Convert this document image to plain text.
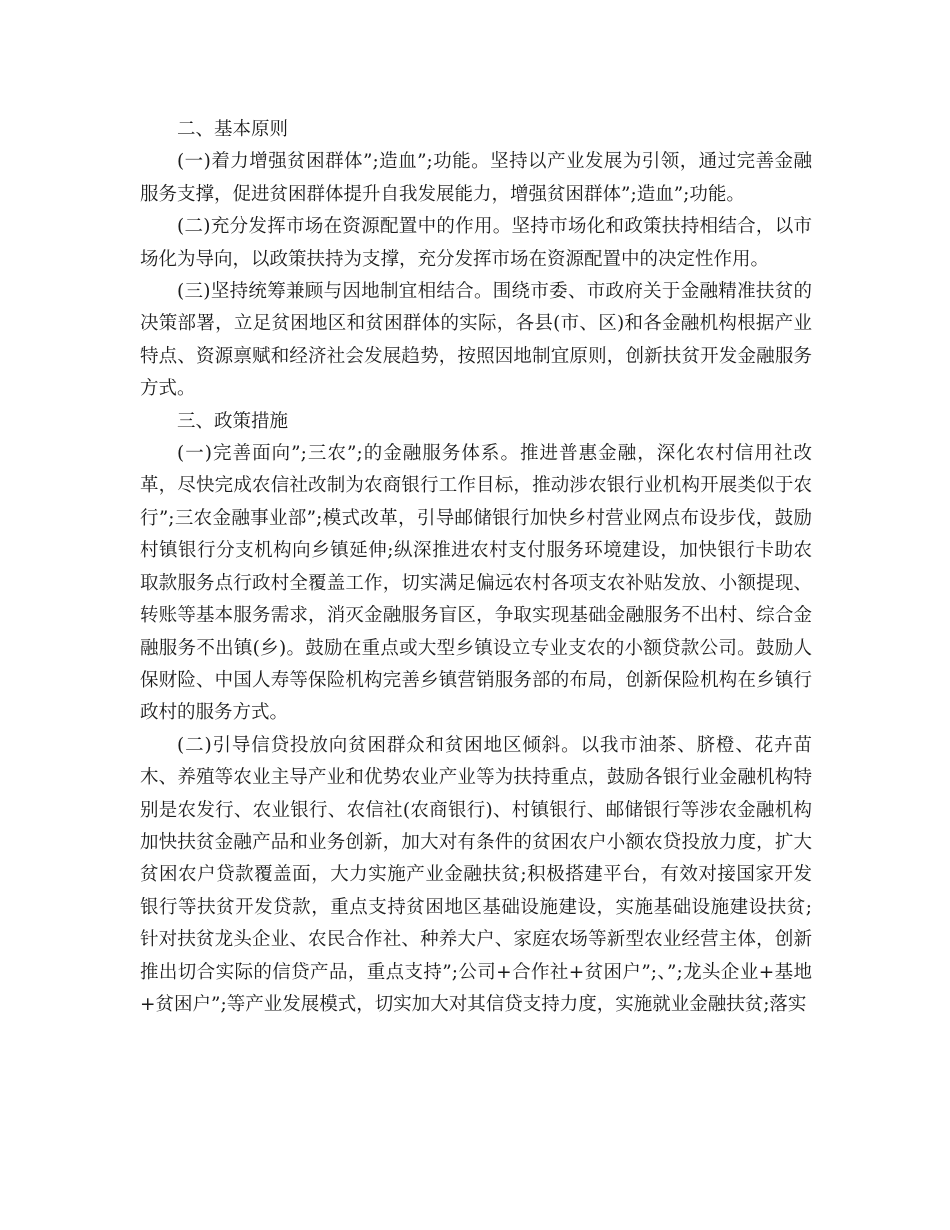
二、基本原则

(一)着力增强贫困群体”;造血”;功能。坚持以产业发展为引领，通过完善金融服务支撑，促进贫困群体提升自我发展能力，增强贫困群体”;造血”;功能。

(二)充分发挥市场在资源配置中的作用。坚持市场化和政策扶持相结合，以市场化为导向，以政策扶持为支撑，充分发挥市场在资源配置中的决定性作用。

(三)坚持统筹兼顾与因地制宜相结合。围绕市委、市政府关于金融精准扶贫的决策部署，立足贫困地区和贫困群体的实际，各县(市、区)和各金融机构根据产业特点、资源禀赋和经济社会发展趋势，按照因地制宜原则，创新扶贫开发金融服务方式。

三、政策措施

(一)完善面向”;三农”;的金融服务体系。推进普惠金融，深化农村信用社改革，尽快完成农信社改制为农商银行工作目标，推动涉农银行业机构开展类似于农行”;三农金融事业部”;模式改革，引导邮储银行加快乡村营业网点布设步伐，鼓励村镇银行分支机构向乡镇延伸;纵深推进农村支付服务环境建设，加快银行卡助农取款服务点行政村全覆盖工作，切实满足偏远农村各项支农补贴发放、小额提现、转账等基本服务需求，消灭金融服务盲区，争取实现基础金融服务不出村、综合金融服务不出镇(乡)。鼓励在重点或大型乡镇设立专业支农的小额贷款公司。鼓励人保财险、中国人寿等保险机构完善乡镇营销服务部的布局，创新保险机构在乡镇行政村的服务方式。

(二)引导信贷投放向贫困群众和贫困地区倾斜。以我市油茶、脐橙、花卉苗木、养殖等农业主导产业和优势农业产业等为扶持重点，鼓励各银行业金融机构特别是农发行、农业银行、农信社(农商银行)、村镇银行、邮储银行等涉农金融机构加快扶贫金融产品和业务创新，加大对有条件的贫困农户小额农贷投放力度，扩大贫困农户贷款覆盖面，大力实施产业金融扶贫;积极搭建平台，有效对接国家开发银行等扶贫开发贷款，重点支持贫困地区基础设施建设，实施基础设施建设扶贫;针对扶贫龙头企业、农民合作社、种养大户、家庭农场等新型农业经营主体，创新推出切合实际的信贷产品，重点支持”;公司+合作社+贫困户”;、”;龙头企业+基地+贫困户”;等产业发展模式，切实加大对其信贷支持力度，实施就业金融扶贫;落实
